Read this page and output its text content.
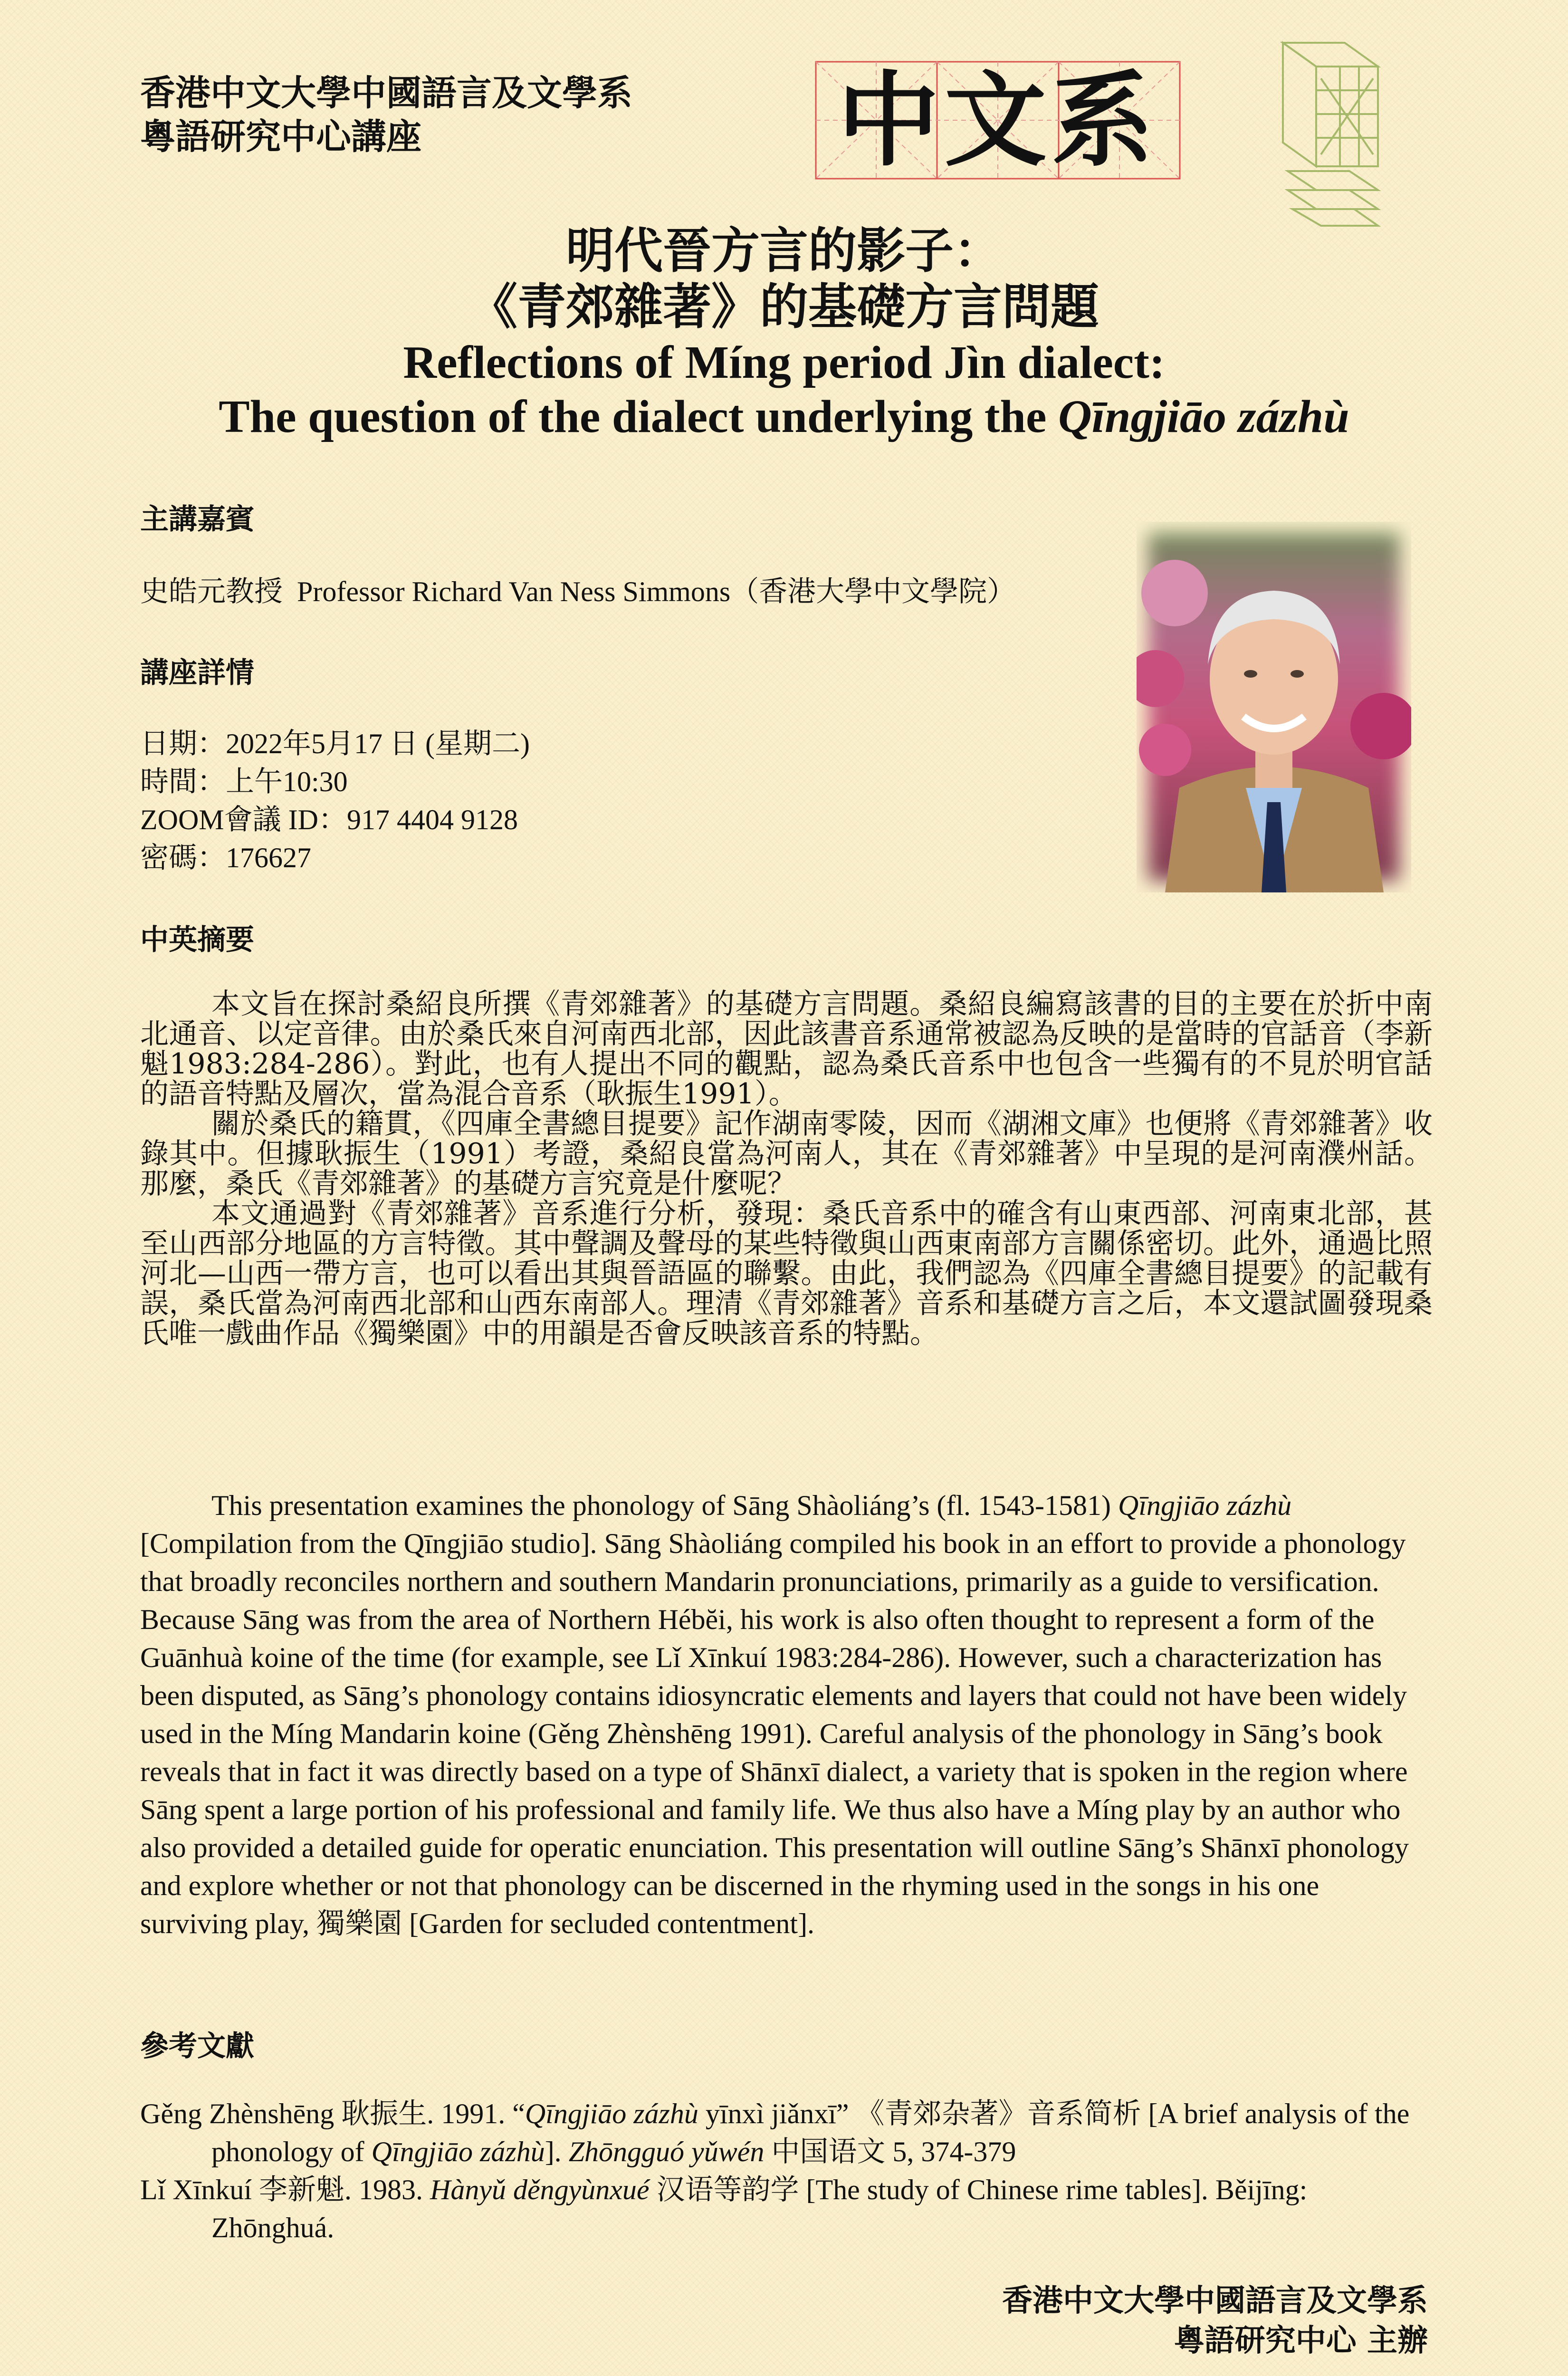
香港中文大學中國語言及文學系
粵語研究中心講座	中文系
明代晉方言的影子：
《青郊雜著》的基礎方言問題
Reflections of Míng period Jìn dialect:
The question of the dialect underlying the Qīngjiāo zázhù
主講嘉賓
史皓元教授 Professor Richard Van Ness Simmons（香港大學中文學院）
講座詳情
日期：2022年5月17 日 (星期二)
時間：上午10:30
ZOOM會議 ID：917 4404 9128
密碼：176627
中英摘要

本文旨在探討桑紹良所撰《青郊雜著》的基礎方言問題。桑紹良編寫該書的目的主要在於折中南北通音、以定音律。由於桑氏來自河南西北部，因此該書音系通常被認為反映的是當時的官話音（李新魁1983:284-286）。對此，也有人提出不同的觀點，認為桑氏音系中也包含一些獨有的不見於明官話的語音特點及層次，當為混合音系（耿振生1991）。

關於桑氏的籍貫，《四庫全書總目提要》記作湖南零陵，因而《湖湘文庫》也便將《青郊雜著》收錄其中。但據耿振生（1991）考證，桑紹良當為河南人，其在《青郊雜著》中呈現的是河南濮州話。那麼，桑氏《青郊雜著》的基礎方言究竟是什麼呢？

本文通過對《青郊雜著》音系進行分析，發現：桑氏音系中的確含有山東西部、河南東北部，甚至山西部分地區的方言特徵。其中聲調及聲母的某些特徵與山西東南部方言關係密切。此外，通過比照河北—山西一帶方言，也可以看出其與晉語區的聯繫。由此，我們認為《四庫全書總目提要》的記載有誤，桑氏當為河南西北部和山西东南部人。理清《青郊雜著》音系和基礎方言之后，本文還試圖發現桑氏唯一戲曲作品《獨樂園》中的用韻是否會反映該音系的特點。

This presentation examines the phonology of Sāng Shàoliáng’s (fl. 1543-1581) Qīngjiāo zázhù [Compilation from the Qīngjiāo studio]. Sāng Shàoliáng compiled his book in an effort to provide a phonology that broadly reconciles northern and southern Mandarin pronunciations, primarily as a guide to versification. Because Sāng was from the area of Northern Hébĕi, his work is also often thought to represent a form of the Guānhuà koine of the time (for example, see Lǐ Xīnkuí 1983:284-286). However, such a characterization has been disputed, as Sāng’s phonology contains idiosyncratic elements and layers that could not have been widely used in the Míng Mandarin koine (Gěng Zhènshēng 1991). Careful analysis of the phonology in Sāng’s book reveals that in fact it was directly based on a type of Shānxī dialect, a variety that is spoken in the region where Sāng spent a large portion of his professional and family life. We thus also have a Míng play by an author who also provided a detailed guide for operatic enunciation. This presentation will outline Sāng’s Shānxī phonology and explore whether or not that phonology can be discerned in the rhyming used in the songs in his one surviving play, 獨樂園 [Garden for secluded contentment].

參考文獻

Gěng Zhènshēng 耿振生. 1991. “Qīngjiāo zázhù yīnxì jiǎnxī” 《青郊杂著》音系简析 [A brief analysis of the phonology of Qīngjiāo zázhù]. Zhōngguó yǔwén 中国语文 5, 374-379

Lǐ Xīnkuí 李新魁. 1983. Hànyǔ děngyùnxué 汉语等韵学 [The study of Chinese rime tables]. Běijīng: Zhōnghuá.

香港中文大學中國語言及文學系
粵語研究中心 主辦
